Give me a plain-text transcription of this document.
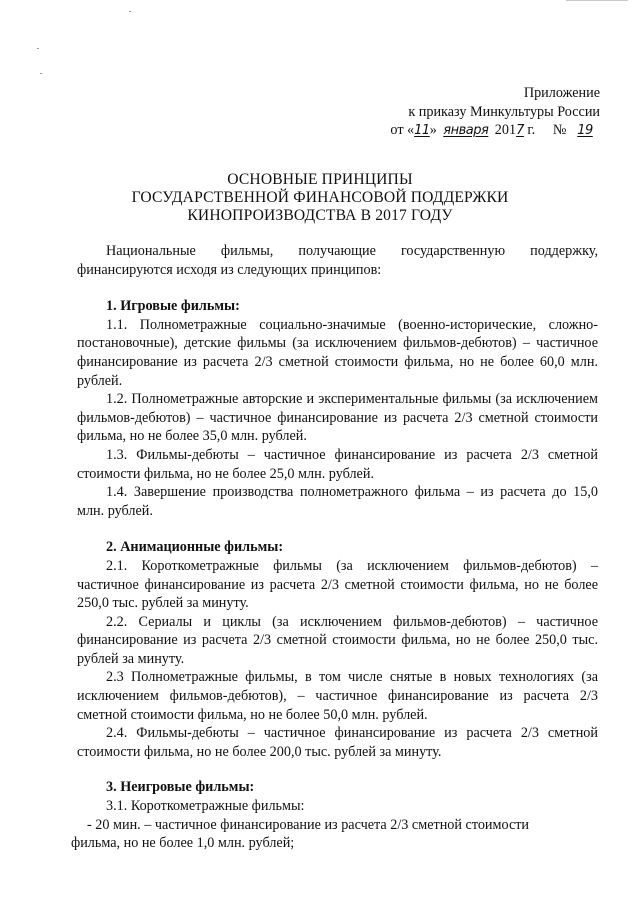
Приложение
к приказу Минкультуры России
от «11» января 2017 г. № 19
ОСНОВНЫЕ ПРИНЦИПЫ
ГОСУДАРСТВЕННОЙ ФИНАНСОВОЙ ПОДДЕРЖКИ
КИНОПРОИЗВОДСТВА В 2017 ГОДУ

Национальные фильмы, получающие государственную поддержку, финансируются исходя из следующих принципов:

1. Игровые фильмы:

1.1. Полнометражные социально-значимые (военно-исторические, сложно-постановочные), детские фильмы (за исключением фильмов-дебютов) – частичное финансирование из расчета 2/3 сметной стоимости фильма, но не более 60,0 млн. рублей.

1.2. Полнометражные авторские и экспериментальные фильмы (за исключением фильмов-дебютов) – частичное финансирование из расчета 2/3 сметной стоимости фильма, но не более 35,0 млн. рублей.

1.3. Фильмы-дебюты – частичное финансирование из расчета 2/3 сметной стоимости фильма, но не более 25,0 млн. рублей.

1.4. Завершение производства полнометражного фильма – из расчета до 15,0 млн. рублей.

2. Анимационные фильмы:

2.1. Короткометражные фильмы (за исключением фильмов-дебютов) – частичное финансирование из расчета 2/3 сметной стоимости фильма, но не более 250,0 тыс. рублей за минуту.

2.2. Сериалы и циклы (за исключением фильмов-дебютов) – частичное финансирование из расчета 2/3 сметной стоимости фильма, но не более 250,0 тыс. рублей за минуту.

2.3 Полнометражные фильмы, в том числе снятые в новых технологиях (за исключением фильмов-дебютов), – частичное финансирование из расчета 2/3 сметной стоимости фильма, но не более 50,0 млн. рублей.

2.4. Фильмы-дебюты – частичное финансирование из расчета 2/3 сметной стоимости фильма, но не более 200,0 тыс. рублей за минуту.

3. Неигровые фильмы:

3.1. Короткометражные фильмы:

- 20 мин. – частичное финансирование из расчета 2/3 сметной стоимости

фильма, но не более 1,0 млн. рублей;
